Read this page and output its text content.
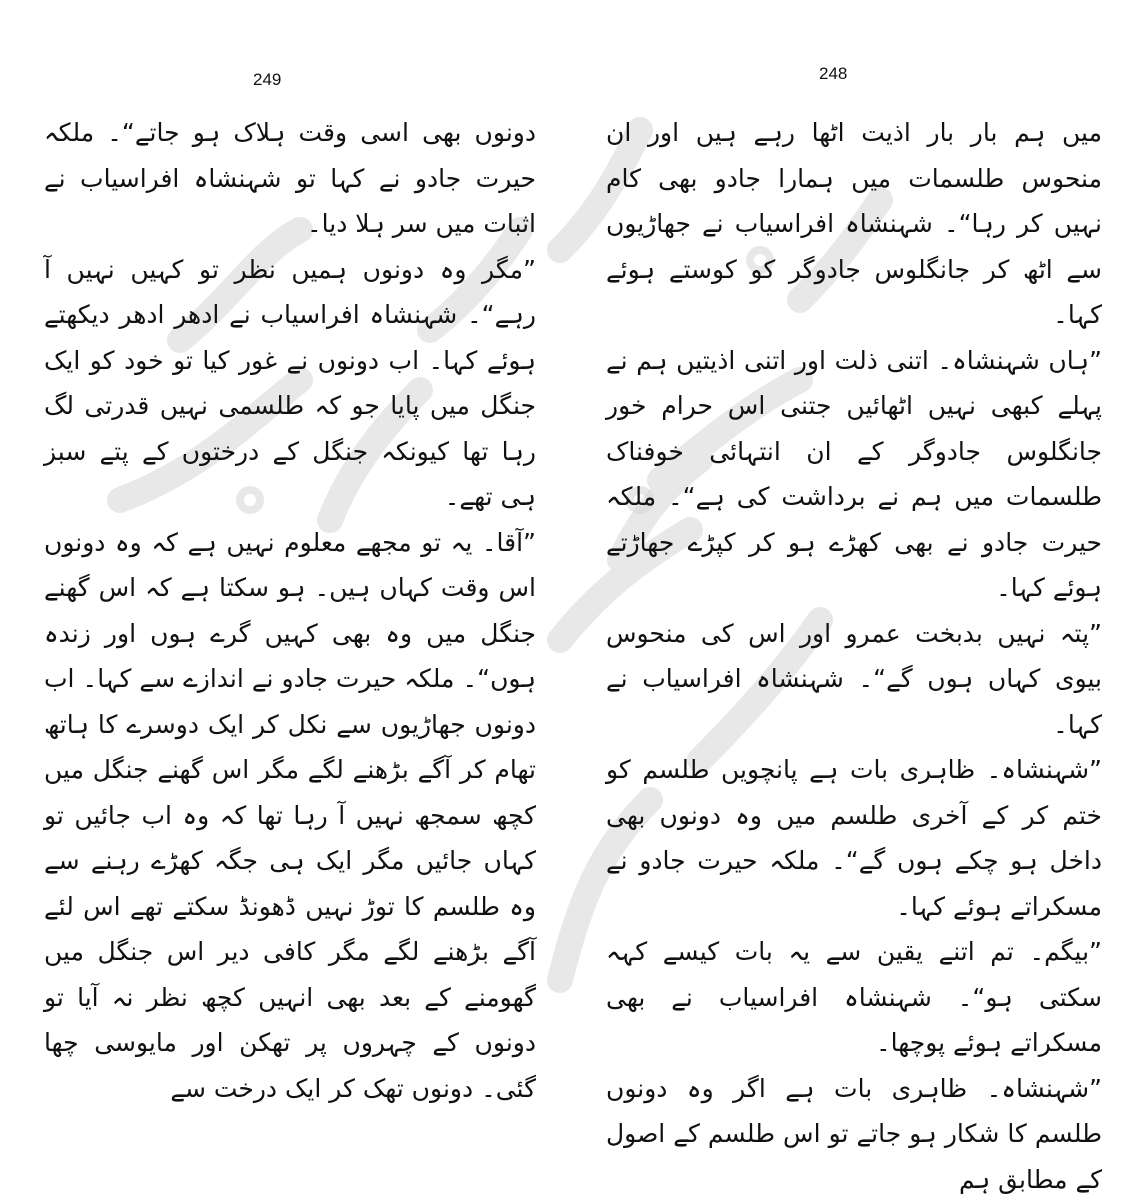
249

دونوں بھی اسی وقت ہلاک ہو جاتے“۔ ملکہ حیرت جادو نے کہا تو شہنشاہ افراسیاب نے اثبات میں سر ہلا دیا۔

”مگر وہ دونوں ہمیں نظر تو کہیں نہیں آ رہے“۔ شہنشاہ افراسیاب نے ادھر ادھر دیکھتے ہوئے کہا۔ اب دونوں نے غور کیا تو خود کو ایک جنگل میں پایا جو کہ طلسمی نہیں قدرتی لگ رہا تھا کیونکہ جنگل کے درختوں کے پتے سبز ہی تھے۔

”آقا۔ یہ تو مجھے معلوم نہیں ہے کہ وہ دونوں اس وقت کہاں ہیں۔ ہو سکتا ہے کہ اس گھنے جنگل میں وہ بھی کہیں گرے ہوں اور زندہ ہوں“۔ ملکہ حیرت جادو نے اندازے سے کہا۔ اب دونوں جھاڑیوں سے نکل کر ایک دوسرے کا ہاتھ تھام کر آگے بڑھنے لگے مگر اس گھنے جنگل میں کچھ سمجھ نہیں آ رہا تھا کہ وہ اب جائیں تو کہاں جائیں مگر ایک ہی جگہ کھڑے رہنے سے وہ طلسم کا توڑ نہیں ڈھونڈ سکتے تھے اس لئے آگے بڑھنے لگے مگر کافی دیر اس جنگل میں گھومنے کے بعد بھی انہیں کچھ نظر نہ آیا تو دونوں کے چہروں پر تھکن اور مایوسی چھا گئی۔ دونوں تھک کر ایک درخت سے

248

میں ہم بار بار اذیت اٹھا رہے ہیں اور ان منحوس طلسمات میں ہمارا جادو بھی کام نہیں کر رہا“۔ شہنشاہ افراسیاب نے جھاڑیوں سے اٹھ کر جانگلوس جادوگر کو کوستے ہوئے کہا۔

”ہاں شہنشاہ۔ اتنی ذلت اور اتنی اذیتیں ہم نے پہلے کبھی نہیں اٹھائیں جتنی اس حرام خور جانگلوس جادوگر کے ان انتہائی خوفناک طلسمات میں ہم نے برداشت کی ہے“۔ ملکہ حیرت جادو نے بھی کھڑے ہو کر کپڑے جھاڑتے ہوئے کہا۔

”پتہ نہیں بدبخت عمرو اور اس کی منحوس بیوی کہاں ہوں گے“۔ شہنشاہ افراسیاب نے کہا۔

”شہنشاہ۔ ظاہری بات ہے پانچویں طلسم کو ختم کر کے آخری طلسم میں وہ دونوں بھی داخل ہو چکے ہوں گے“۔ ملکہ حیرت جادو نے مسکراتے ہوئے کہا۔

”بیگم۔ تم اتنے یقین سے یہ بات کیسے کہہ سکتی ہو“۔ شہنشاہ افراسیاب نے بھی مسکراتے ہوئے پوچھا۔

”شہنشاہ۔ ظاہری بات ہے اگر وہ دونوں طلسم کا شکار ہو جاتے تو اس طلسم کے اصول کے مطابق ہم
